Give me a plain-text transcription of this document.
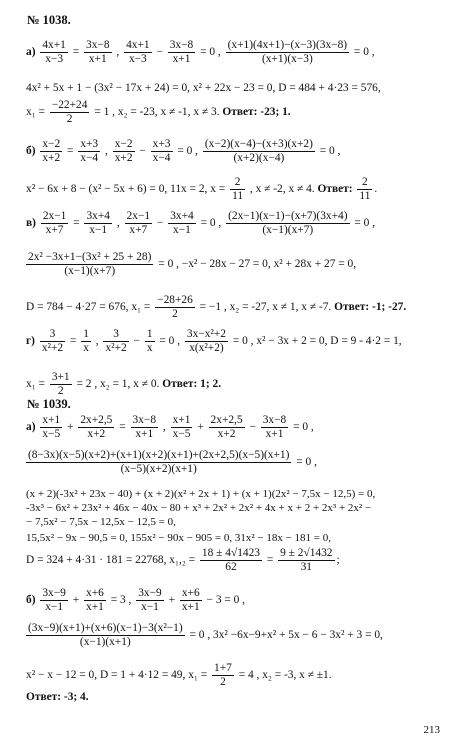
№ 1038.
$а) \frac{4x+1}{x-3} = \frac{3x-8}{x+1}$ , $\frac{4x+1}{x-3} - \frac{3x-8}{x+1} = 0$ , $\frac{(x+1)(4x+1)-(x-3)(3x-8)}{(x+1)(x-3)} = 0$ ,
4x² + 5x + 1 − (3x² − 17x + 24) = 0, x² + 22x − 23 = 0, D = 484 + 4·23 = 576,
$x_1 = \frac{-22+24}{2} = 1$ , x₂ = -23, x ≠ -1, x ≠ 3. Ответ: -23; 1.
$б) \frac{x-2}{x+2} = \frac{x+3}{x-4}$ , $\frac{x-2}{x+2} - \frac{x+3}{x-4} = 0$ , $\frac{(x-2)(x-4)-(x+3)(x+2)}{(x+2)(x-4)} = 0$ ,
x² − 6x + 8 − (x² − 5x + 6) = 0, 11x = 2, $x = \frac{2}{11}$ , x ≠ -2, x ≠ 4. Ответ: $\frac{2}{11}$ .
$в) \frac{2x-1}{x+7} = \frac{3x+4}{x-1}$ , $\frac{2x-1}{x+7} - \frac{3x+4}{x-1} = 0$ , $\frac{(2x-1)(x-1)-(x+7)(3x+4)}{(x-1)(x+7)} = 0$ ,
$\frac{\text{2x² −3x+1−(3x² + 25 + 28)}}{(x-1)(x+7)} = 0$ , −x² − 28x − 27 = 0, x² + 28x + 27 = 0,
D = 784 − 4·27 = 676, $x_1 = \frac{-28+26}{2} = -1$ , x₂ = -27, x ≠ 1, x ≠ -7. Ответ: -1; -27.
$г) \frac{3}{\text{x²+2}} = \frac{1}{x}$ , $\frac{3}{\text{x²+2}} - \frac{1}{x} = 0$ , $\frac{\text{3x−x²+2}}{\text{x(x²+2)}} = 0$ , x² − 3x + 2 = 0, D = 9 - 4·2 = 1,
$x_1 = \frac{3+1}{2} = 2$ , x₂ = 1, x ≠ 0. Ответ: 1; 2.
№ 1039.
$а) \frac{x+1}{x-5} + \frac{2x+2,5}{x+2} = \frac{3x-8}{x+1}$ , $\frac{x+1}{x-5} + \frac{2x+2,5}{x+2} - \frac{3x-8}{x+1} = 0$ ,
$\frac{(8-3x)(x-5)(x+2)+(x+1)(x+2)(x+1)+(2x+2,5)(x-5)(x+1)}{(x-5)(x+2)(x+1)} = 0$ ,
(x + 2)(-3x² + 23x − 40) + (x + 2)(x² + 2x + 1) + (x + 1)(2x² − 7,5x − 12,5) = 0,
-3x³ − 6x² + 23x² + 46x − 40x − 80 + x³ + 2x² + 2x² + 4x + x + 2 + 2x³ + 2x² −
− 7,5x² − 7,5x − 12,5x − 12,5 = 0,
15,5x² − 9x − 90,5 = 0, 155x² − 90x − 905 = 0, 31x² − 18x − 181 = 0,
D = 324 + 4·31 · 181 = 22768, $x_1,_2 = \frac{18 \pm 4√1423}{62} = \frac{9 \pm 2√1432}{31}$ ;
$б) \frac{3x-9}{x-1} + \frac{x+6}{x+1} = 3$ , $\frac{3x-9}{x-1} + \frac{x+6}{x+1} - 3 = 0$ ,
$\frac{\text{(3x−9)(x+1)+(x+6)(x−1)−3(x²−1)}}{(x-1)(x+1)} = 0$ , 3x² −6x−9+x² + 5x − 6 − 3x² + 3 = 0,
x² − x − 12 = 0, D = 1 + 4·12 = 49, $x_1 = \frac{1+7}{2} = 4$ , x₂ = -3, x ≠ ±1.
Ответ: -3; 4.
213
